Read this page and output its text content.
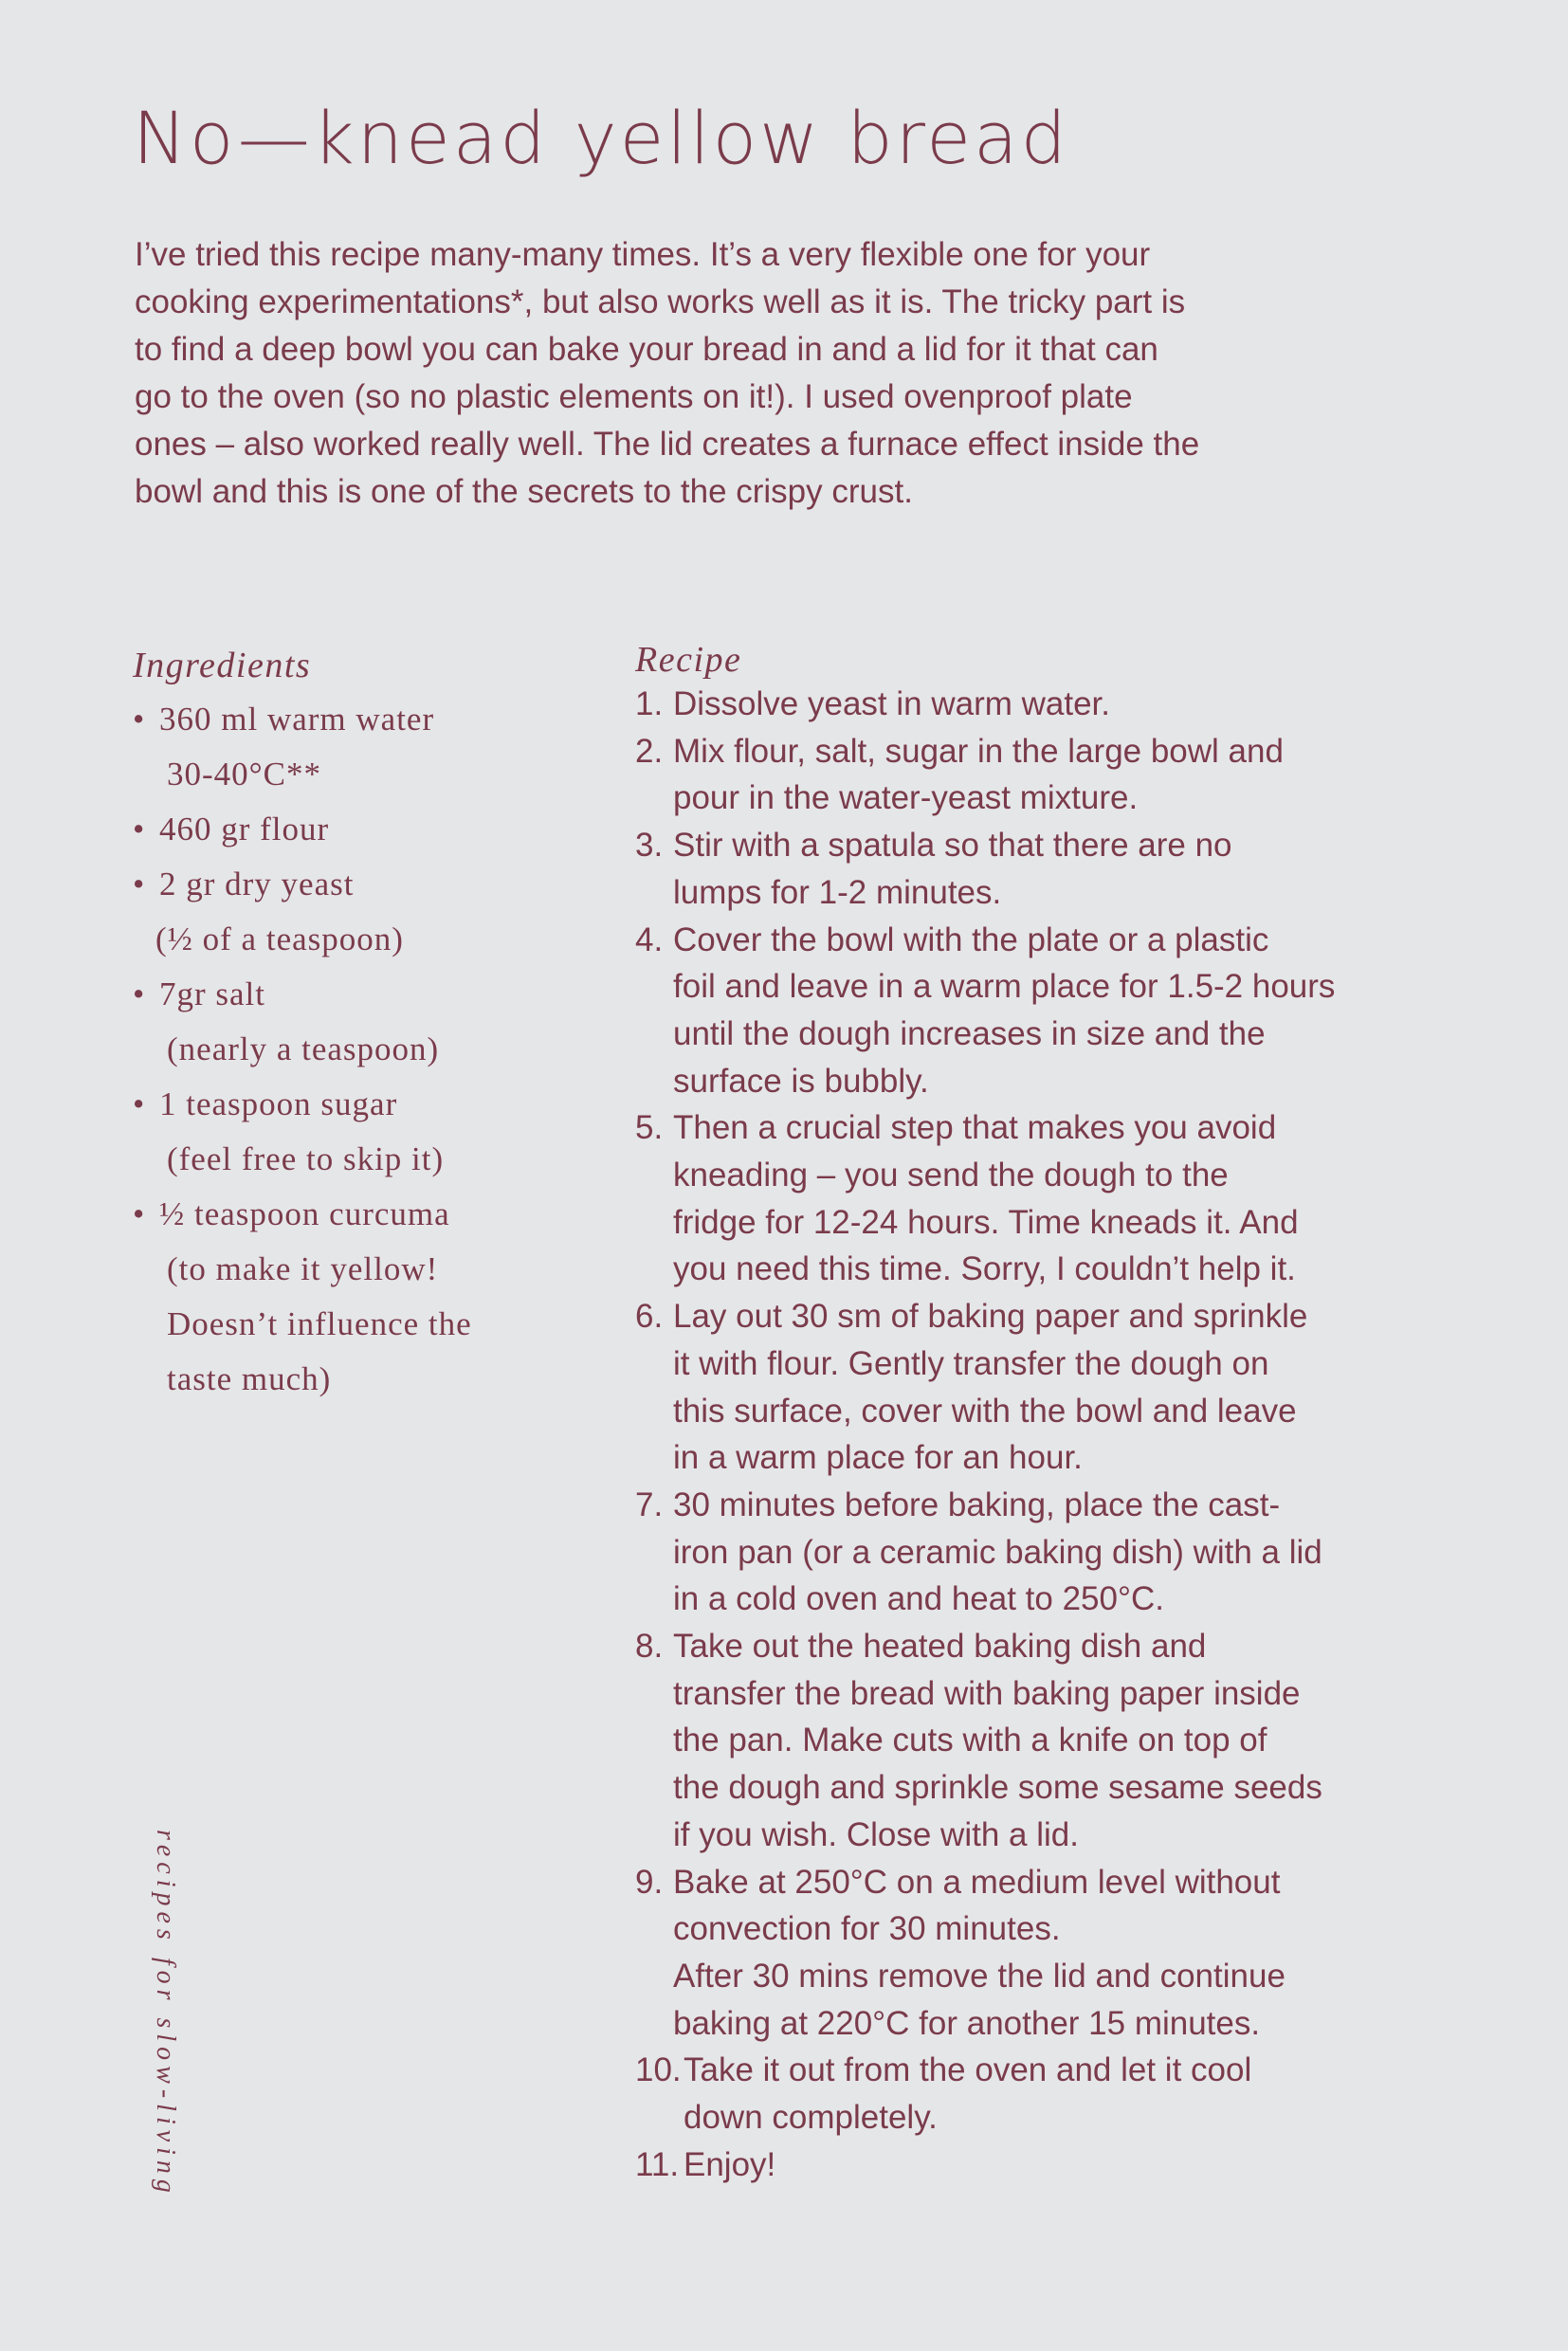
No—knead yellow bread
I’ve tried this recipe many-many times. It’s a very flexible one for your
cooking experimentations*, but also works well as it is. The tricky part is
to find a deep bowl you can bake your bread in and a lid for it that can
go to the oven (so no plastic elements on it!). I used ovenproof plate
ones – also worked really well. The lid creates a furnace effect inside the
bowl and this is one of the secrets to the crispy crust.
Ingredients
• 360 ml warm water
30-40°C**
• 460 gr flour
• 2 gr dry yeast
(½ of a teaspoon)
• 7gr salt
(nearly a teaspoon)
• 1 teaspoon sugar
(feel free to skip it)
• ½ teaspoon curcuma
(to make it yellow!
Doesn’t influence the
taste much)
Recipe
1. Dissolve yeast in warm water.
2. Mix flour, salt, sugar in the large bowl and
pour in the water-yeast mixture.
3. Stir with a spatula so that there are no
lumps for 1-2 minutes.
4. Cover the bowl with the plate or a plastic
foil and leave in a warm place for 1.5-2 hours
until the dough increases in size and the
surface is bubbly.
5. Then a crucial step that makes you avoid
kneading – you send the dough to the
fridge for 12-24 hours. Time kneads it. And
you need this time. Sorry, I couldn’t help it.
6. Lay out 30 sm of baking paper and sprinkle
it with flour. Gently transfer the dough on
this surface, cover with the bowl and leave
in a warm place for an hour.
7. 30 minutes before baking, place the cast-
iron pan (or a ceramic baking dish) with a lid
in a cold oven and heat to 250°C.
8. Take out the heated baking dish and
transfer the bread with baking paper inside
the pan. Make cuts with a knife on top of
the dough and sprinkle some sesame seeds
if you wish. Close with a lid.
9. Bake at 250°C on a medium level without
convection for 30 minutes.
After 30 mins remove the lid and continue
baking at 220°C for another 15 minutes.
10. Take it out from the oven and let it cool
down completely.
11. Enjoy!
recipes for slow-living
